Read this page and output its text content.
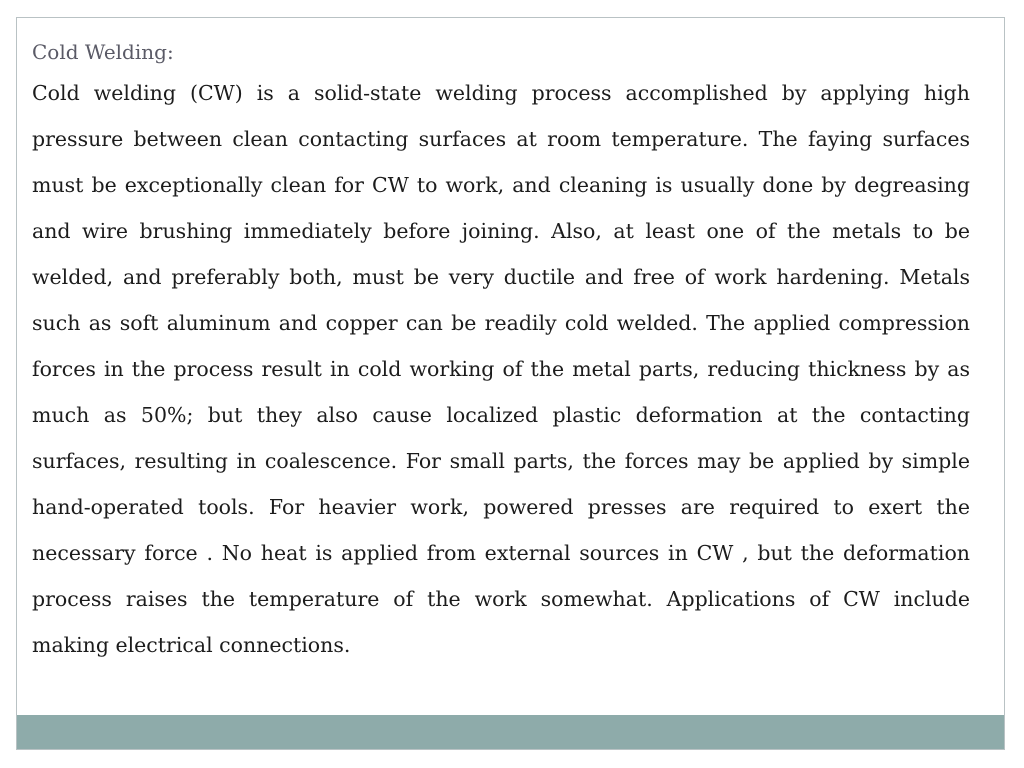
Cold Welding:

Cold welding (CW) is a solid-state welding process accomplished by applying high pressure between clean contacting surfaces at room temperature. The faying surfaces must be exceptionally clean for CW to work, and cleaning is usually done by degreasing and wire brushing immediately before joining. Also, at least one of the metals to be welded, and preferably both, must be very ductile and free of work hardening. Metals such as soft aluminum and copper can be readily cold welded. The applied compression forces in the process result in cold working of the metal parts, reducing thickness by as much as 50%; but they also cause localized plastic deformation at the contacting surfaces, resulting in coalescence. For small parts, the forces may be applied by simple hand-operated tools. For heavier work, powered presses are required to exert the necessary force . No heat is applied from external sources in CW , but the deformation process raises the temperature of the work somewhat. Applications of CW include making electrical connections.
